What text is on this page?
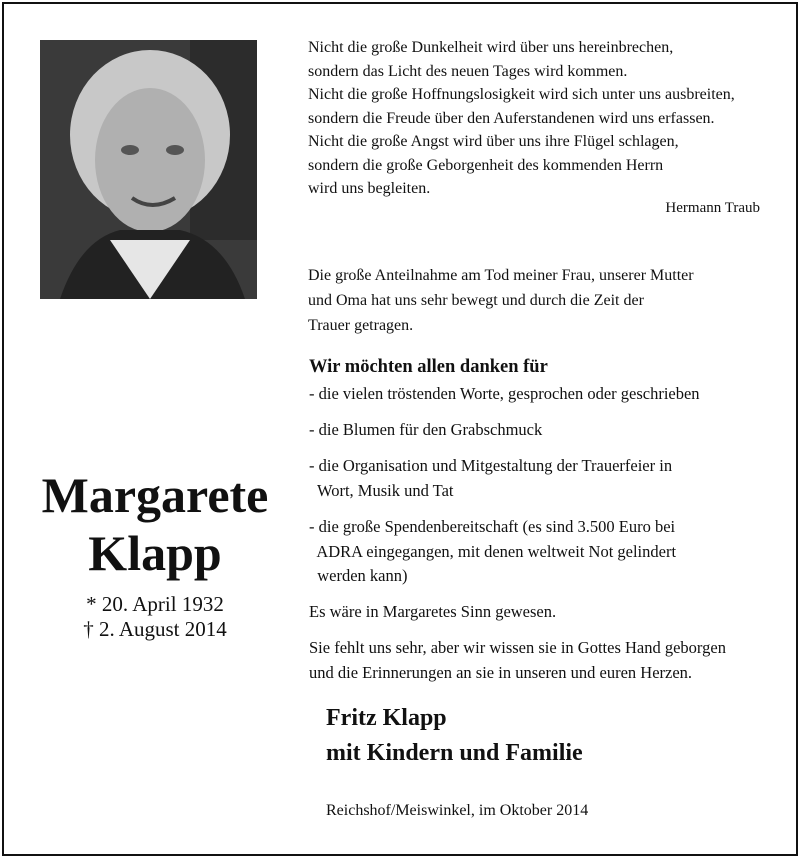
Margarete
Klapp
* 20. April 1932
† 2. August 2014
Nicht die große Dunkelheit wird über uns hereinbrechen,
sondern das Licht des neuen Tages wird kommen.
Nicht die große Hoffnungslosigkeit wird sich unter uns ausbreiten,
sondern die Freude über den Auferstandenen wird uns erfassen.
Nicht die große Angst wird über uns ihre Flügel schlagen,
sondern die große Geborgenheit des kommenden Herrn
wird uns begleiten.
Hermann Traub
Die große Anteilnahme am Tod meiner Frau, unserer Mutter
und Oma hat uns sehr bewegt und durch die Zeit der
Trauer getragen.
Wir möchten allen danken für
- die vielen tröstenden Worte, gesprochen oder geschrieben
- die Blumen für den Grabschmuck
- die Organisation und Mitgestaltung der Trauerfeier in
Wort, Musik und Tat
- die große Spendenbereitschaft (es sind 3.500 Euro bei
ADRA eingegangen, mit denen weltweit Not gelindert
werden kann)
Es wäre in Margaretes Sinn gewesen.
Sie fehlt uns sehr, aber wir wissen sie in Gottes Hand geborgen
und die Erinnerungen an sie in unseren und euren Herzen.
Fritz Klapp
mit Kindern und Familie
Reichshof/Meiswinkel, im Oktober 2014
